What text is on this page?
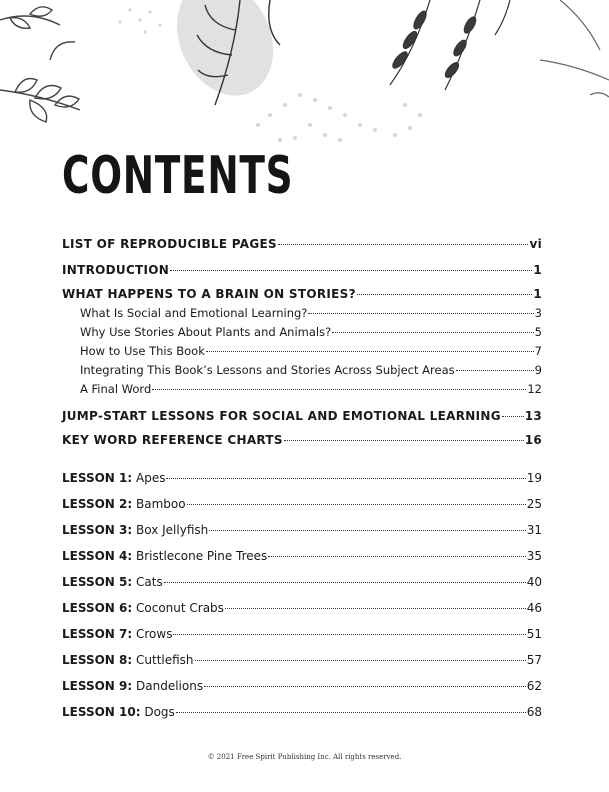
CONTENTS
LIST OF REPRODUCIBLE PAGES	vi
INTRODUCTION	1
WHAT HAPPENS TO A BRAIN ON STORIES?	1
What Is Social and Emotional Learning?	3
Why Use Stories About Plants and Animals?	5
How to Use This Book	7
Integrating This Book’s Lessons and Stories Across Subject Areas	9
A Final Word	12
JUMP-START LESSONS FOR SOCIAL AND EMOTIONAL LEARNING 13
KEY WORD REFERENCE CHARTS	16
LESSON 1: Apes	19
LESSON 2: Bamboo	25
LESSON 3: Box Jellyfish	31
LESSON 4: Bristlecone Pine Trees	35
LESSON 5: Cats	40
LESSON 6: Coconut Crabs	46
LESSON 7: Crows	51
LESSON 8: Cuttlefish	57
LESSON 9: Dandelions	62
LESSON 10: Dogs	68
© 2021 Free Spirit Publishing Inc. All rights reserved.
